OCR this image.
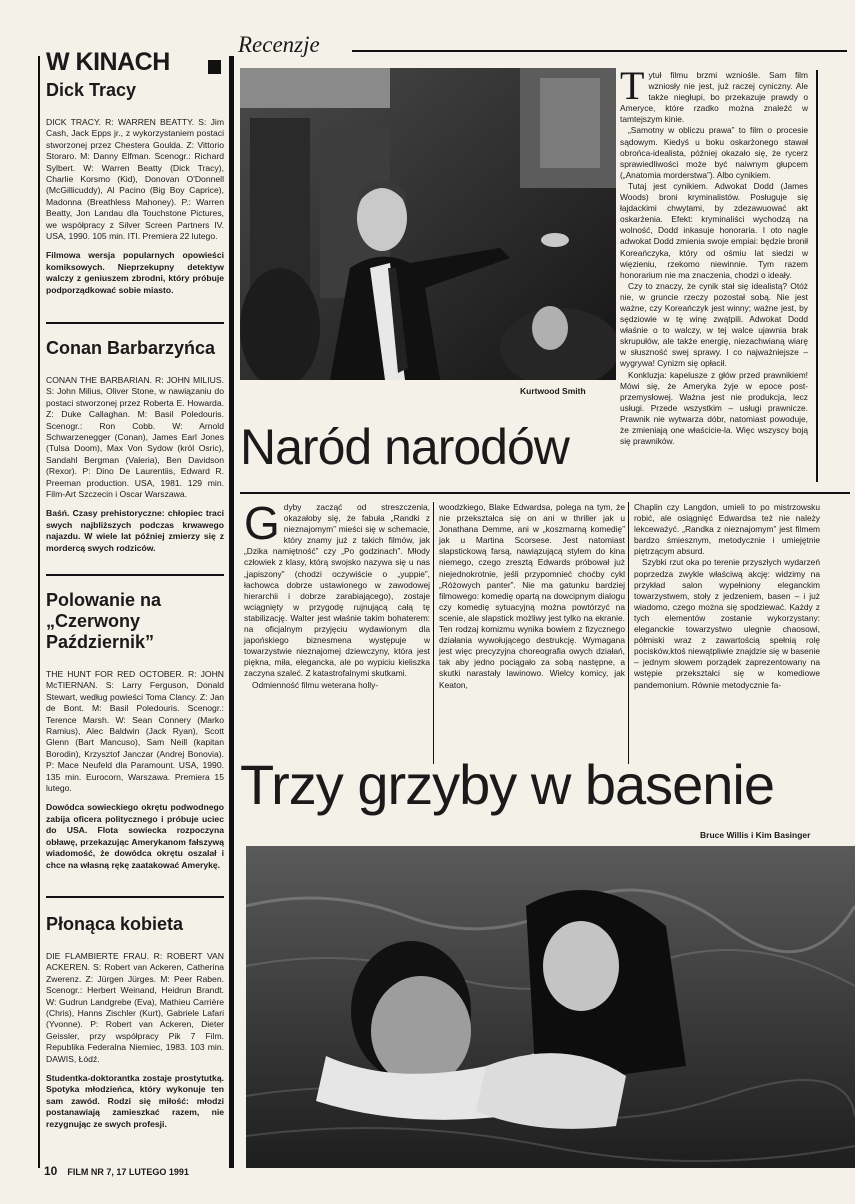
Recenzje
W KINACH
Dick Tracy

DICK TRACY. R: WARREN BEATTY. S: Jim Cash, Jack Epps jr., z wykorzystaniem postaci stworzonej przez Chestera Goulda. Z: Vittorio Storaro. M: Danny Elfman. Scenogr.: Richard Sylbert. W: Warren Beatty (Dick Tracy), Charlie Korsmo (Kid), Donovan O'Donnell (McGillicuddy), Al Pacino (Big Boy Caprice), Madonna (Breathless Mahoney). P.: Warren Beatty, Jon Landau dla Touchstone Pictures, we współpracy z Silver Screen Partners IV. USA, 1990. 105 min. ITI. Premiera 22 lutego.

Filmowa wersja popularnych opowieści komiksowych. Nieprzekupny detektyw walczy z geniuszem zbrodni, który próbuje podporządkować sobie miasto.

Conan Barbarzyńca

CONAN THE BARBARIAN. R: JOHN MILIUS. S: John Milius, Oliver Stone, w nawiązaniu do postaci stworzonej przez Roberta E. Howarda. Z: Duke Callaghan. M: Basil Poledouris. Scenogr.: Ron Cobb. W: Arnold Schwarzenegger (Conan), James Earl Jones (Tulsa Doom), Max Von Sydow (król Osric), Sandahl Bergman (Valeria), Ben Davidson (Rexor). P: Dino De Laurentiis, Edward R. Preeman production. USA, 1981. 129 min. Film-Art Szczecin i Oscar Warszawa.

Baśń. Czasy prehistoryczne: chłopiec traci swych najbliższych podczas krwawego najazdu. W wiele lat później zmierzy się z mordercą swych rodziców.

Polowanie na „Czerwony Październik”

THE HUNT FOR RED OCTOBER. R: JOHN McTIERNAN. S: Larry Ferguson, Donald Stewart, według powieści Toma Clancy. Z: Jan de Bont. M: Basil Poledouris. Scenogr.: Terence Marsh. W: Sean Connery (Marko Ramius), Alec Baldwin (Jack Ryan), Scott Glenn (Bart Mancuso), Sam Neill (kapitan Borodin), Krzysztof Janczar (Andrej Bonovia). P: Mace Neufeld dla Paramount. USA, 1990. 135 min. Eurocorn, Warszawa. Premiera 15 lutego.

Dowódca sowieckiego okrętu podwodnego zabija oficera politycznego i próbuje uciec do USA. Flota sowiecka rozpoczyna obławę, przekazując Amerykanom fałszywą wiadomość, że dowódca okrętu oszalał i chce na własną rękę zaatakować Amerykę.

Płonąca kobieta

DIE FLAMBIERTE FRAU. R: ROBERT VAN ACKEREN. S: Robert van Ackeren, Catherina Zwerenz. Z: Jürgen Jürges. M: Peer Raben. Scenogr.: Herbert Weinand, Heidrun Brandt. W: Gudrun Landgrebe (Eva), Mathieu Carrière (Chris), Hanns Zischler (Kurt), Gabriele Lafari (Yvonne). P: Robert van Ackeren, Dieter Geissler, przy współpracy Pik 7 Film. Republika Federalna Niemiec, 1983. 103 min. DAWIS, Łódź.

Studentka-doktorantka zostaje prostytutką. Spotyka młodzieńca, który wykonuje ten sam zawód. Rodzi się miłość: młodzi postanawiają zamieszkać razem, nie rezygnując ze swych profesji.

Kurtwood Smith
Naród narodów

Tytuł filmu brzmi wzniośle. Sam film wzniosły nie jest, już raczej cyniczny. Ale także niegłupi, bo przekazuje prawdy o Ameryce, które rzadko można znaleźć w tamtejszym kinie.

„Samotny w obliczu prawa” to film o procesie sądowym. Kiedyś u boku oskarżonego stawał obrońca-idealista, później okazało się, że rycerz sprawiedliwości może być naiwnym głupcem („Anatomia morderstwa”). Albo cynikiem.

Tutaj jest cynikiem. Adwokat Dodd (James Woods) broni kryminalistów. Posługuje się łajdackimi chwytami, by zdezawuować akt oskarżenia. Efekt: kryminaliści wychodzą na wolność, Dodd inkasuje honoraria. I oto nagle adwokat Dodd zmienia swoje empiai: będzie bronił Koreańczyka, który od ośmiu lat siedzi w więzieniu, rzekomo niewinnie. Tym razem honorarium nie ma znaczenia, chodzi o ideały.

Czy to znaczy, że cynik stał się idealistą? Otóż nie, w gruncie rzeczy pozostał sobą. Nie jest ważne, czy Koreańczyk jest winny; ważne jest, by sędziowie w tę winę zwątpili. Adwokat Dodd właśnie o to walczy, w tej walce ujawnia brak skrupułów, ale także energię, niezachwianą wiarę w słuszność swej sprawy. I co najważniejsze – wygrywa! Cynizm się opłacił.

Konkluzja: kapelusze z głów przed prawnikiem! Mówi się, że Ameryka żyje w epoce post-przemysłowej. Ważna jest nie produkcja, lecz usługi. Przede wszystkim – usługi prawnicze. Prawnik nie wytwarza dóbr, natomiast powoduje, że zmieniają one właścicie-la. Więc wszyscy boją się prawników.

Gdyby zacząć od streszczenia, okazałoby się, że fabuła „Randki z nieznajomym” mieści się w schemacie, który znamy już z takich filmów, jak „Dzika namiętność” czy „Po godzinach”. Młody człowiek z klasy, którą swojsko nazywa się u nas „japiszony” (chodzi oczywiście o „yuppie”, łachowca dobrze ustawionego w zawodowej hierarchii i dobrze zarabiającego), zostaje wciągnięty w przygodę rujnującą całą tę stabilizację. Walter jest właśnie takim bohaterem: na oficjalnym przyjęciu wydawionym dla japońskiego biznesmena występuje w towarzystwie nieznajomej dziewczyny, która jest piękna, miła, elegancka, ale po wypiciu kieliszka zaczyna szaleć. Z katastrofalnymi skutkami.

Odmienność filmu weterana holly-

woodzkiego, Blake Edwardsa, polega na tym, że nie przekształca się on ani w thriller jak u Jonathana Demme, ani w „koszmarną komedię” jak u Martina Scorsese. Jest natomiast slapstickową farsą, nawiązującą stylem do kina niemego, czego zresztą Edwards próbował już niejednokrotnie, jeśli przypomnieć choćby cykl „Różowych panter”. Nie ma gatunku bardziej filmowego: komedię opartą na dowcipnym dialogu czy komedię sytuacyjną można powtórzyć na scenie, ale slapstick możliwy jest tylko na ekranie. Ten rodzaj komizmu wynika bowiem z fizycznego działania wywołującego destrukcję. Wymagana jest więc precyzyjna choreografia owych działań, tak aby jedno pociągało za sobą następne, a skutki narastały lawinowo. Wielcy komicy, jak Keaton,

Chaplin czy Langdon, umieli to po mistrzowsku robić, ale osiągnięć Edwardsa też nie należy lekceważyć. „Randka z nieznajomym” jest filmem bardzo śmiesznym, metodycznie i umiejętnie piętrzącym absurd.

Szybki rzut oka po terenie przyszłych wydarzeń poprzedza zwykle właściwą akcję: widzimy na przykład salon wypełniony eleganckim towarzystwem, stoły z jedzeniem, basen – i już wiadomo, czego można się spodziewać. Każdy z tych elementów zostanie wykorzystany: eleganckie towarzystwo ulegnie chaosowi, półmiski wraz z zawartością spełnią rolę pocisków,ktoś niewątpliwie znajdzie się w basenie – jednym słowem porządek zaprezentowany na wstępie przekształci się w komediowe pandemonium. Równie metodycznie fa-

Trzy grzyby w basenie
Bruce Willis i Kim Basinger
10 FILM NR 7, 17 LUTEGO 1991
